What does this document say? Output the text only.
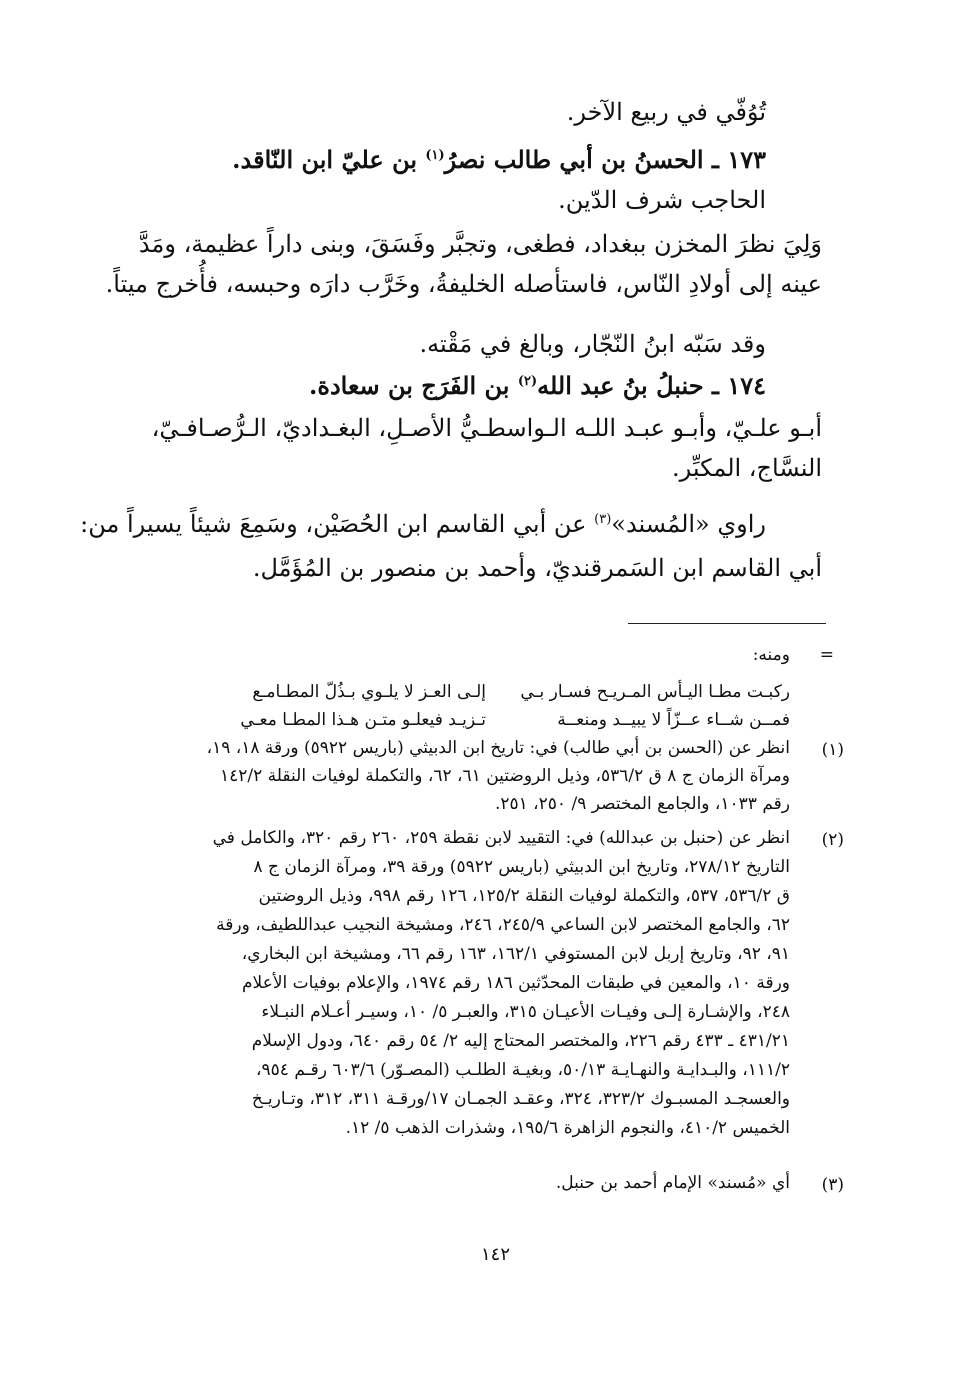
تُوُفّي في ربيع الآخر.
١٧٣ ـ الحسنُ بن أبي طالب نصرُ$^{(١)}$ بن عليّ ابن النّاقد.
الحاجب شرف الدّين.
وَلِيَ نظرَ المخزن ببغداد، فطغى، وتجبَّر وفَسَقَ، وبنى داراً عظيمة، ومَدَّ
عينه إلى أولادِ النّاس، فاستأصله الخليفةُ، وخَرَّب دارَه وحبسه، فأُخرج ميتاً.
وقد سَبّه ابنُ النّجّار، وبالغ في مَقْته.
١٧٤ ـ حنبلُ بنُ عبد الله$^{(٢)}$ بن الفَرَج بن سعادة.
أبـو علـيّ، وأبـو عبـد اللـه الـواسطـيُّ الأصـلِ، البغـداديّ، الـرُّصـافـيّ،
النسَّاج، المكبِّر.
راوي «المُسند»$^{(٣)}$ عن أبي القاسم ابن الحُصَيْن، وسَمِعَ شيئاً يسيراً من:
أبي القاسم ابن السَمرقنديّ، وأحمد بن منصور بن المُؤَمَّل.
=
ومنه:
ركبـت مطـا اليـأس المـريـح فسـار بـي
إلـى العـز لا يلـوي بـذُلّ المطـامـع
فمــن شــاء عــزّاً لا يبيــد ومنعــة
تـزيـد فيعلـو متـن هـذا المطـا معـي
(١)
انظر عن (الحسن بن أبي طالب) في: تاريخ ابن الدبيثي (باريس ٥٩٢٢) ورقة ١٨، ١٩،
ومرآة الزمان ج ٨ ق ٥٣٦/٢، وذيل الروضتين ٦١، ٦٢، والتكملة لوفيات النقلة ١٤٢/٢
رقم ١٠٣٣، والجامع المختصر ٩/ ٢٥٠، ٢٥١.
(٢)
انظر عن (حنبل بن عبدالله) في: التقييد لابن نقطة ٢٥٩، ٢٦٠ رقم ٣٢٠، والكامل في
التاريخ ٢٧٨/١٢، وتاريخ ابن الدبيثي (باريس ٥٩٢٢) ورقة ٣٩، ومرآة الزمان ج ٨
ق ٥٣٦/٢، ٥٣٧، والتكملة لوفيات النقلة ١٢٥/٢، ١٢٦ رقم ٩٩٨، وذيل الروضتين
٦٢، والجامع المختصر لابن الساعي ٢٤٥/٩، ٢٤٦، ومشيخة النجيب عبداللطيف، ورقة
٩١، ٩٢، وتاريخ إربل لابن المستوفي ١٦٢/١، ١٦٣ رقم ٦٦، ومشيخة ابن البخاري،
ورقة ١٠، والمعين في طبقات المحدّثين ١٨٦ رقم ١٩٧٤، والإعلام بوفيات الأعلام
٢٤٨، والإشـارة إلـى وفيـات الأعيـان ٣١٥، والعبـر ٥/ ١٠، وسيـر أعـلام النبـلاء
٤٣١/٢١ ـ ٤٣٣ رقم ٢٢٦، والمختصر المحتاج إليه ٢/ ٥٤ رقم ٦٤٠، ودول الإسلام
١١١/٢، والبـدايـة والنهـايـة ٥٠/١٣، وبغيـة الطلـب (المصـوّر) ٦٠٣/٦ رقـم ٩٥٤،
والعسجـد المسبـوك ٣٢٣/٢، ٣٢٤، وعقـد الجمـان ١٧/ورقـة ٣١١، ٣١٢، وتـاريـخ
الخميس ٤١٠/٢، والنجوم الزاهرة ١٩٥/٦، وشذرات الذهب ٥/ ١٢.
(٣)
أي «مُسند» الإمام أحمد بن حنبل.
١٤٢
